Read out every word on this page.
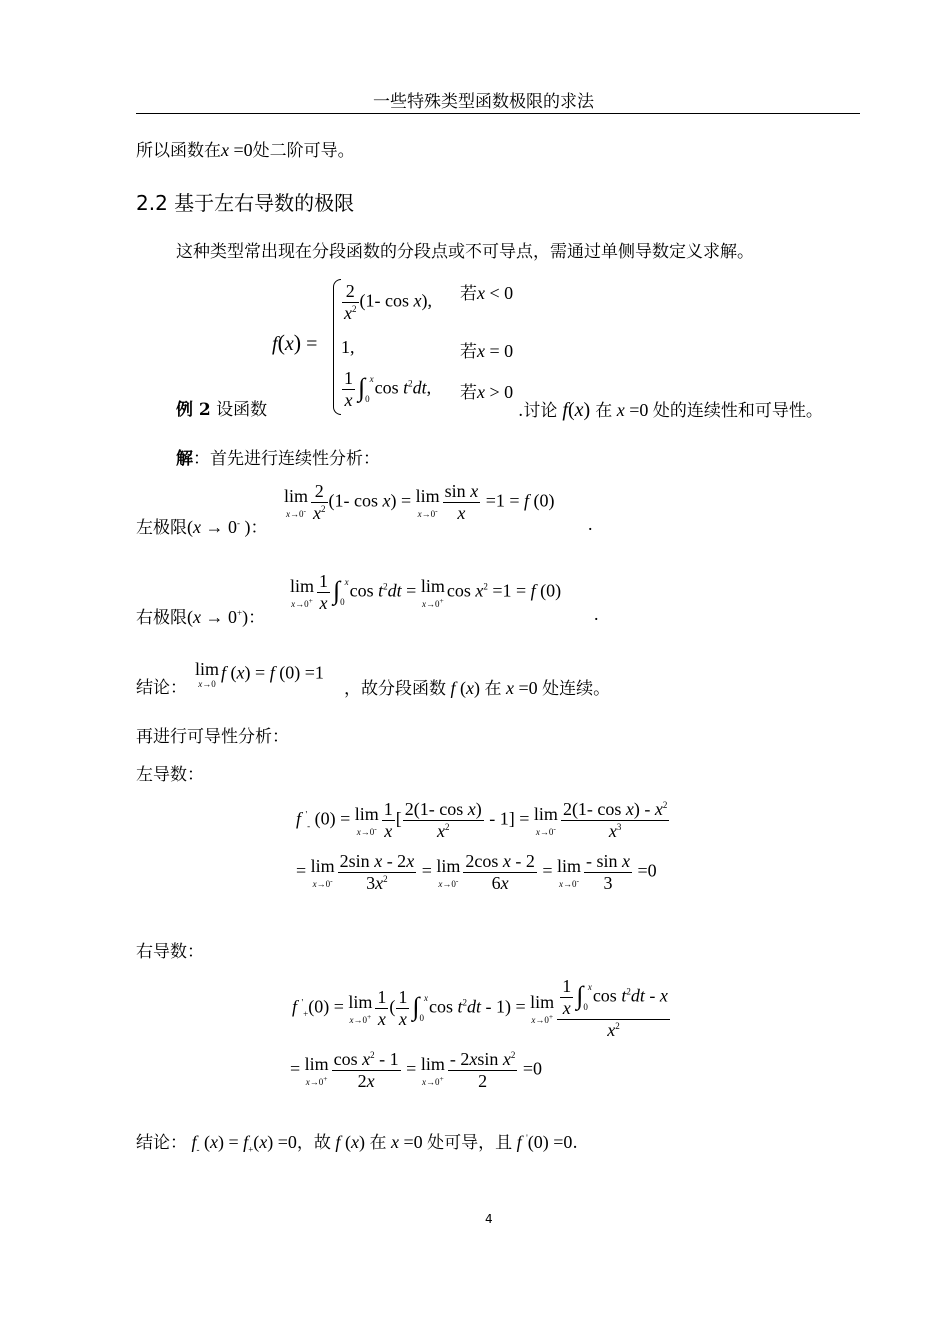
一些特殊类型函数极限的求法
所以函数在x =0处二阶可导。
2.2 基于左右导数的极限
这种类型常出现在分段函数的分段点或不可导点，需通过单侧导数定义求解。
f(x) =
$\frac{2}{x^2} (1-$ cos x), 若x < 0
1,	若x = 0
$\frac{1}{x} \int_0^x\cos$ $t^2dt$, 若x > 0
例 2 设函数	.讨论 f(x) 在 x =0 处的连续性和可导性。
解：首先进行连续性分析：
左极限(x → 0- )：
lim
$x\to 0^- \frac{2}{x^2} (1-$ cos x) = lim
$x\to 0^- \frac{\text{sin x}}{x} =1 = f$ (0)
.
右极限(x → 0+)：
lim
$x\to 0^+ \frac{1}{x} \int_0^x\cos$ $t^2dt = \lim$
x→0+ $\cos x^2 =1 = f$ (0)
.
结论：
lim
x→0
f (x) = f (0) =1
，故分段函数 f (x) 在 x =0 处连续。
再进行可导性分析：
左导数：
f '$_-$ (0) = lim
$x\to 0^- \frac{1}{x}$ [ $\frac{\text{2(1- cos x)}}{x^2} - 1] = \lim$
$x\to 0^- \frac{2(1- \cos x) - x^2}{x^3}$
= lim
$x\to 0^- \frac{\text{2sin x - 2x}}{3x^2} = \lim$
$x\to 0^- \frac{\text{2cos x - 2}}{6x} = \lim$
$x\to 0^- \frac{\text{- sin x}}{3} =0$
右导数：
f '$_+$(0) = lim
$x\to 0^+ \frac{1}{x}$ ( $\frac{1}{x} \int_0^x\cos$ $t^2dt - 1) = \lim$
$x\to 0^+ \frac{\frac{1}{x} \int_0^x\cos t^2dt - x}{x^2}$
= lim
$x\to 0^+ \frac{\cos x^2 - 1}{2x} = \lim$
$x\to 0^+ \frac{- 2xsin x^2}{2} =0$
结论： $f_-$ $(x) = f_+(x) =0$，故 f (x) 在 x =0 处可导，且 f '(0) =0.
4
